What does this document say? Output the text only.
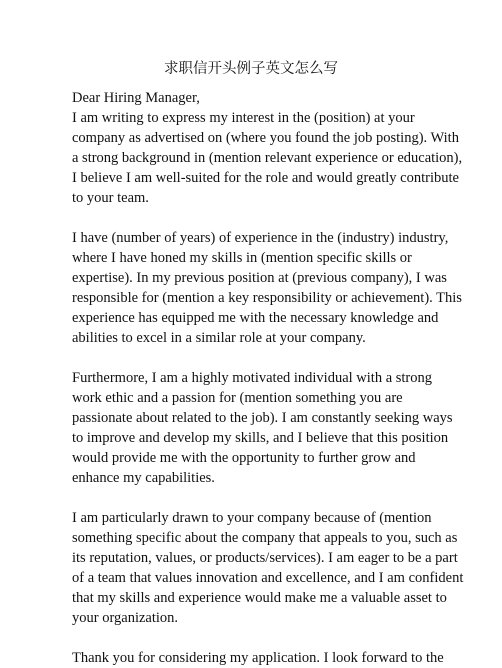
求职信开头例子英文怎么写

Dear Hiring Manager,

I am writing to express my interest in the (position) at your
company as advertised on (where you found the job posting). With
a strong background in (mention relevant experience or education),
I believe I am well-suited for the role and would greatly contribute
to your team.

I have (number of years) of experience in the (industry) industry,
where I have honed my skills in (mention specific skills or
expertise). In my previous position at (previous company), I was
responsible for (mention a key responsibility or achievement). This
experience has equipped me with the necessary knowledge and
abilities to excel in a similar role at your company.

Furthermore, I am a highly motivated individual with a strong
work ethic and a passion for (mention something you are
passionate about related to the job). I am constantly seeking ways
to improve and develop my skills, and I believe that this position
would provide me with the opportunity to further grow and
enhance my capabilities.

I am particularly drawn to your company because of (mention
something specific about the company that appeals to you, such as
its reputation, values, or products/services). I am eager to be a part
of a team that values innovation and excellence, and I am confident
that my skills and experience would make me a valuable asset to
your organization.

Thank you for considering my application. I look forward to the
